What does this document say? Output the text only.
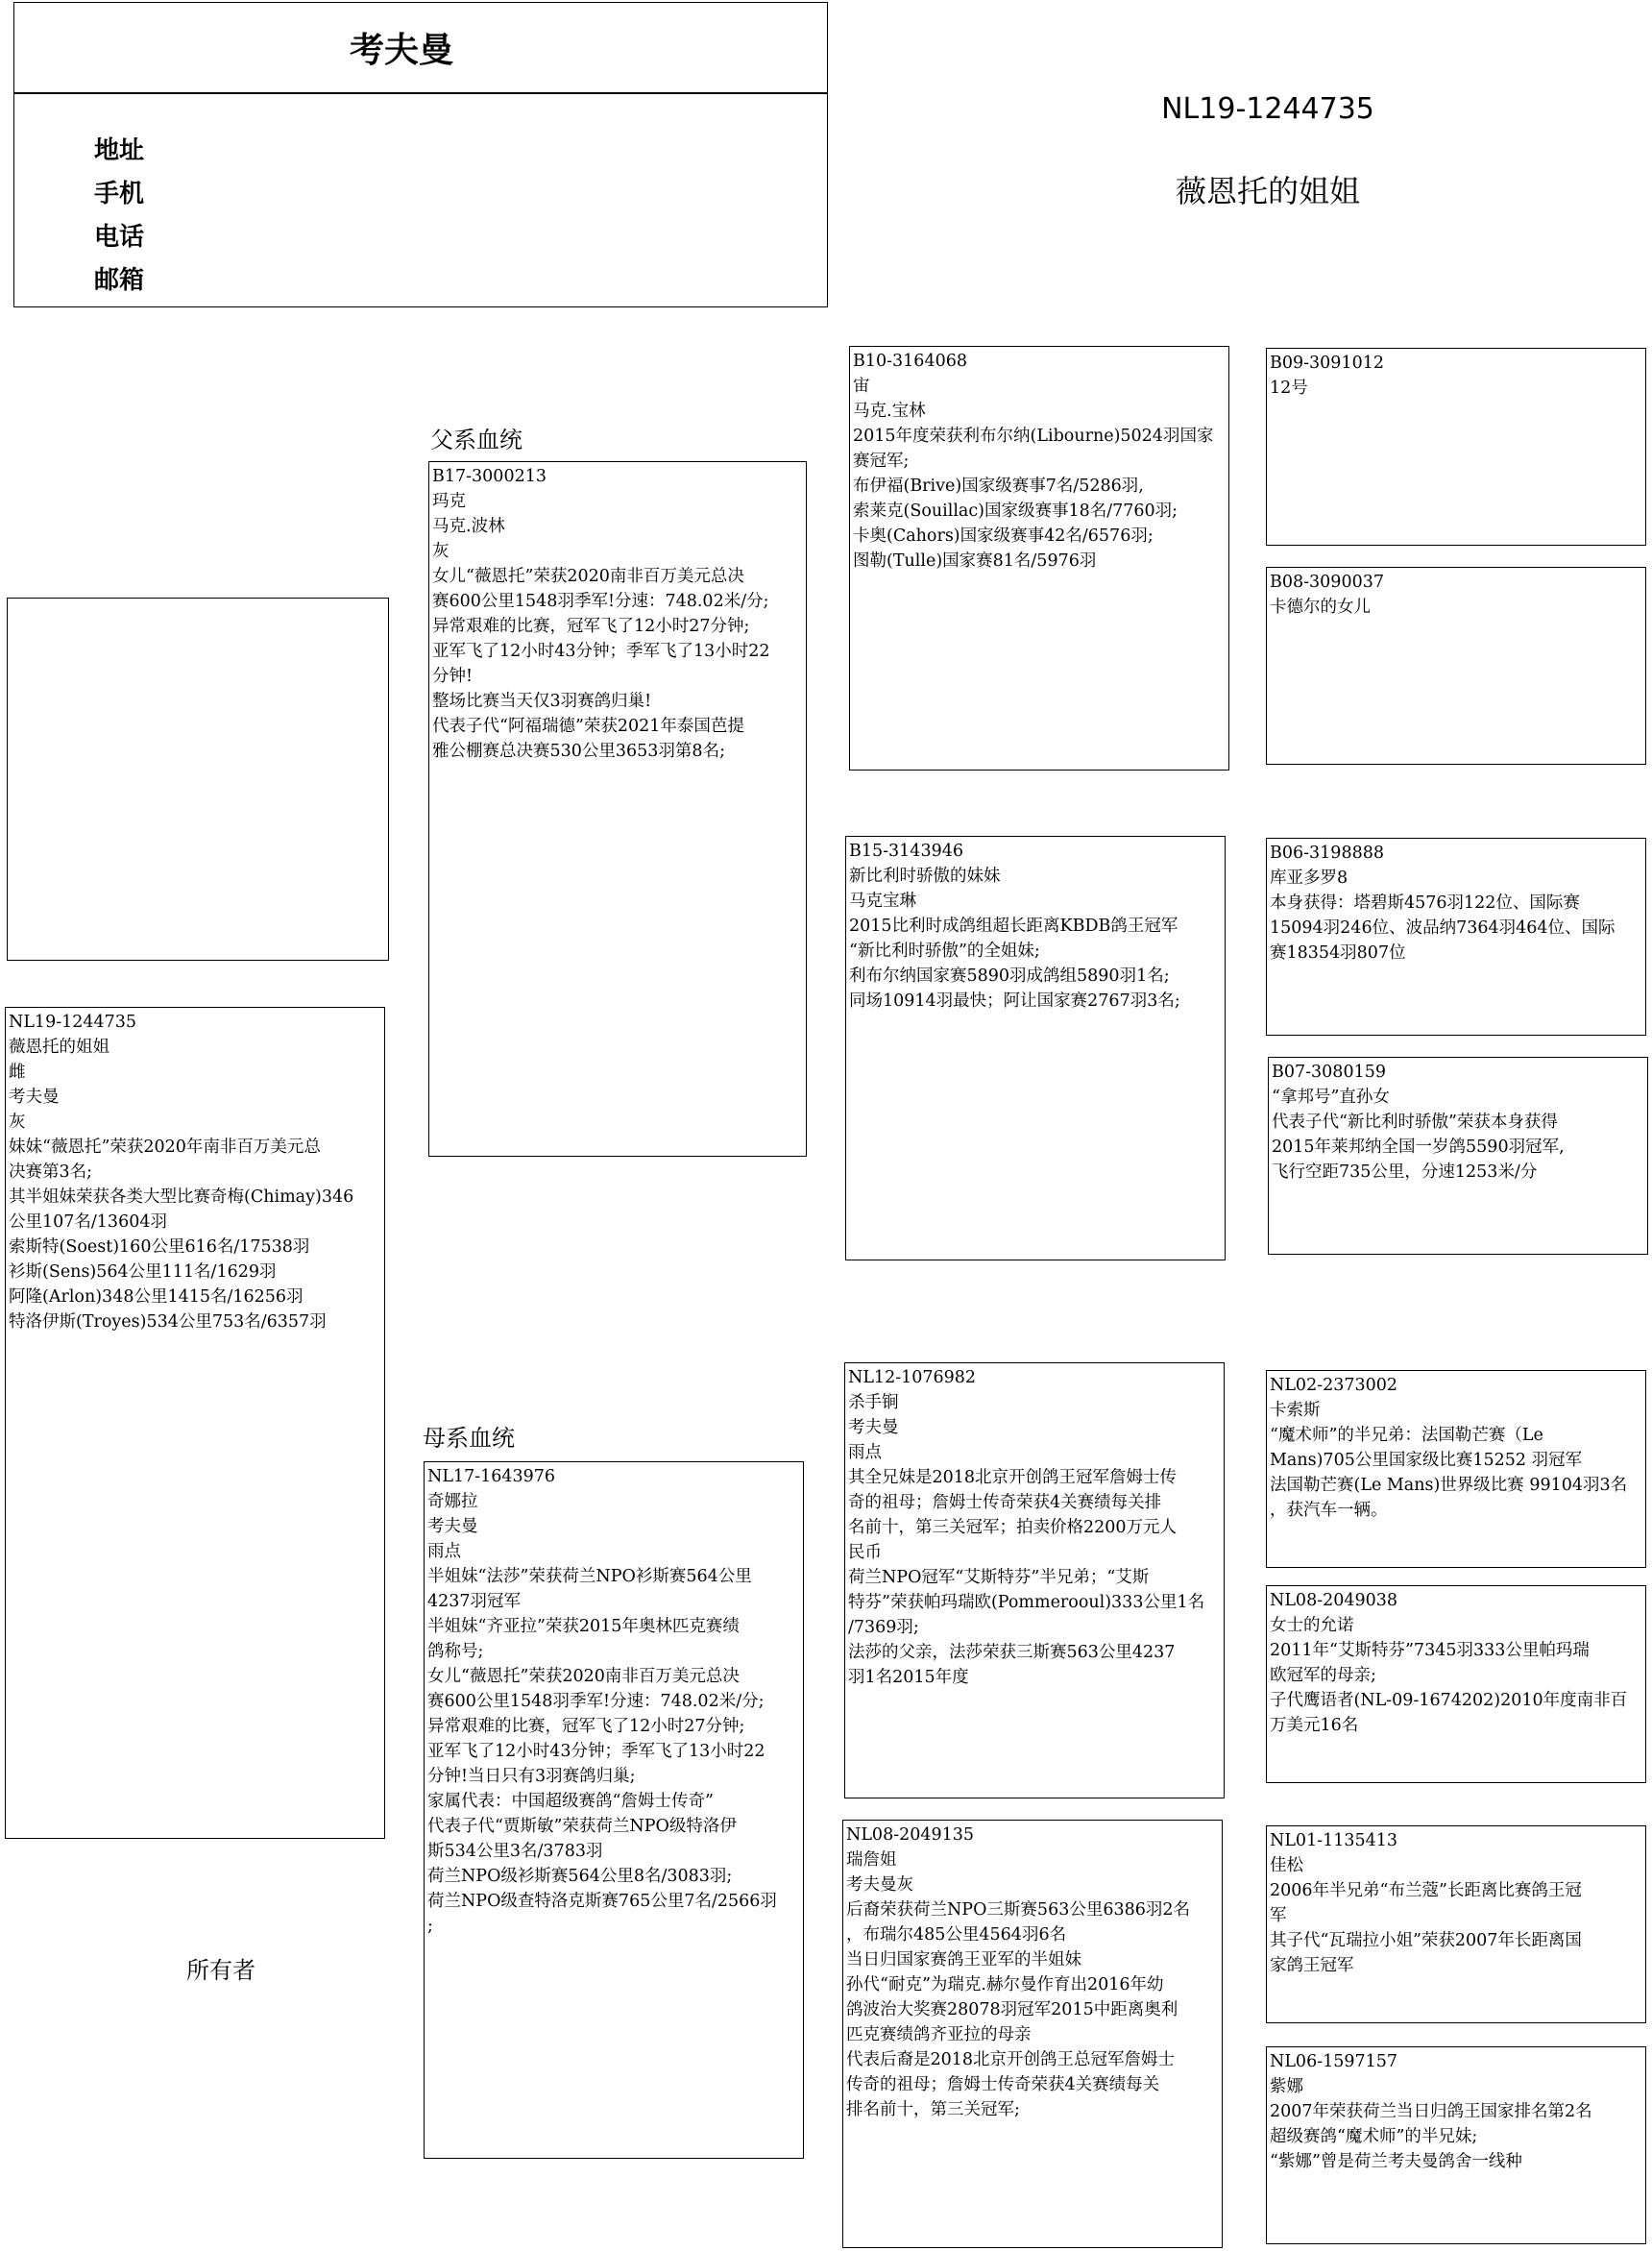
考夫曼
地址
手机
电话
邮箱
NL19-1244735
薇恩托的姐姐
父系血统
母系血统
所有者
NL19-1244735
薇恩托的姐姐
雌
考夫曼
灰
妹妹“薇恩托”荣获2020年南非百万美元总
决赛第3名;
其半姐妹荣获各类大型比赛奇梅(Chimay)346
公里107名/13604羽
索斯特(Soest)160公里616名/17538羽
衫斯(Sens)564公里111名/1629羽
阿隆(Arlon)348公里1415名/16256羽
特洛伊斯(Troyes)534公里753名/6357羽
B17-3000213
玛克
马克.波林
灰
女儿“薇恩托”荣获2020南非百万美元总决
赛600公里1548羽季军!分速：748.02米/分;
异常艰难的比赛，冠军飞了12小时27分钟;
亚军飞了12小时43分钟；季军飞了13小时22
分钟!
整场比赛当天仅3羽赛鸽归巢!
代表子代“阿福瑞德”荣获2021年泰国芭提
雅公棚赛总决赛530公里3653羽第8名;
NL17-1643976
奇娜拉
考夫曼
雨点
半姐妹“法莎”荣获荷兰NPO衫斯赛564公里
4237羽冠军
半姐妹“齐亚拉”荣获2015年奥林匹克赛绩
鸽称号;
女儿“薇恩托”荣获2020南非百万美元总决
赛600公里1548羽季军!分速：748.02米/分;
异常艰难的比赛，冠军飞了12小时27分钟;
亚军飞了12小时43分钟；季军飞了13小时22
分钟!当日只有3羽赛鸽归巢;
家属代表：中国超级赛鸽“詹姆士传奇”
代表子代“贾斯敏”荣获荷兰NPO级特洛伊
斯534公里3名/3783羽
荷兰NPO级衫斯赛564公里8名/3083羽;
荷兰NPO级查特洛克斯赛765公里7名/2566羽
;
B10-3164068
宙
马克.宝林
2015年度荣获利布尔纳(Libourne)5024羽国家
赛冠军;
布伊福(Brive)国家级赛事7名/5286羽,
索莱克(Souillac)国家级赛事18名/7760羽;
卡奥(Cahors)国家级赛事42名/6576羽;
图勒(Tulle)国家赛81名/5976羽
B15-3143946
新比利时骄傲的妹妹
马克宝琳
2015比利时成鸽组超长距离KBDB鸽王冠军
“新比利时骄傲”的全姐妹;
利布尔纳国家赛5890羽成鸽组5890羽1名;
同场10914羽最快；阿让国家赛2767羽3名;
NL12-1076982
杀手锏
考夫曼
雨点
其全兄妹是2018北京开创鸽王冠军詹姆士传
奇的祖母；詹姆士传奇荣获4关赛绩每关排
名前十，第三关冠军；拍卖价格2200万元人
民币
荷兰NPO冠军“艾斯特芬”半兄弟；“艾斯
特芬”荣获帕玛瑞欧(Pommerooul)333公里1名
/7369羽;
法莎的父亲，法莎荣获三斯赛563公里4237
羽1名2015年度
NL08-2049135
瑞詹姐
考夫曼灰
后裔荣获荷兰NPO三斯赛563公里6386羽2名
，布瑞尔485公里4564羽6名
当日归国家赛鸽王亚军的半姐妹
孙代“耐克”为瑞克.赫尔曼作育出2016年幼
鸽波治大奖赛28078羽冠军2015中距离奥利
匹克赛绩鸽齐亚拉的母亲
代表后裔是2018北京开创鸽王总冠军詹姆士
传奇的祖母；詹姆士传奇荣获4关赛绩每关
排名前十，第三关冠军;
B09-3091012
12号
B08-3090037
卡德尔的女儿
B06-3198888
库亚多罗8
本身获得：塔碧斯4576羽122位、国际赛
15094羽246位、波品纳7364羽464位、国际
赛18354羽807位
B07-3080159
“拿邦号”直孙女
代表子代“新比利时骄傲”荣获本身获得
2015年莱邦纳全国一岁鸽5590羽冠军,
飞行空距735公里，分速1253米/分
NL02-2373002
卡索斯
“魔术师”的半兄弟：法国勒芒赛（Le
Mans)705公里国家级比赛15252 羽冠军
法国勒芒赛(Le Mans)世界级比赛 99104羽3名
，获汽车一辆。
NL08-2049038
女士的允诺
2011年“艾斯特芬”7345羽333公里帕玛瑞
欧冠军的母亲;
子代鹰语者(NL-09-1674202)2010年度南非百
万美元16名
NL01-1135413
佳松
2006年半兄弟“布兰蔻”长距离比赛鸽王冠
军
其子代“瓦瑞拉小姐”荣获2007年长距离国
家鸽王冠军
NL06-1597157
紫娜
2007年荣获荷兰当日归鸽王国家排名第2名
超级赛鸽“魔术师”的半兄妹;
“紫娜”曾是荷兰考夫曼鸽舍一线种
